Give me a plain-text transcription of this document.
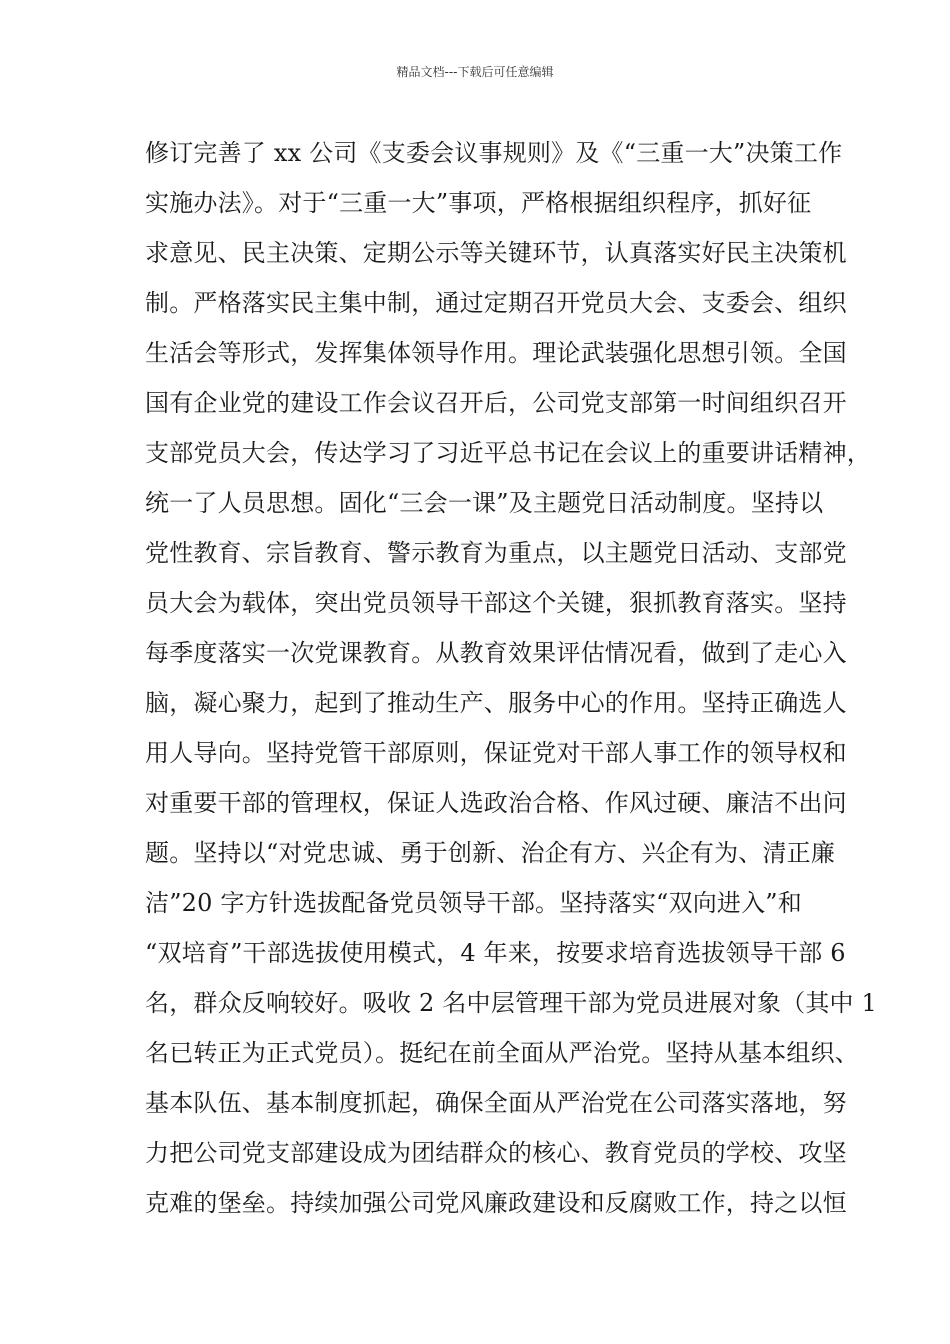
精品文档---下载后可任意编辑
修订完善了 xx 公司《支委会议事规则》及《“三重一大”决策工作
实施办法》。对于“三重一大”事项，严格根据组织程序，抓好征
求意见、民主决策、定期公示等关键环节，认真落实好民主决策机
制。严格落实民主集中制，通过定期召开党员大会、支委会、组织
生活会等形式，发挥集体领导作用。理论武装强化思想引领。全国
国有企业党的建设工作会议召开后，公司党支部第一时间组织召开
支部党员大会，传达学习了习近平总书记在会议上的重要讲话精神，
统一了人员思想。固化“三会一课”及主题党日活动制度。坚持以
党性教育、宗旨教育、警示教育为重点，以主题党日活动、支部党
员大会为载体，突出党员领导干部这个关键，狠抓教育落实。坚持
每季度落实一次党课教育。从教育效果评估情况看，做到了走心入
脑，凝心聚力，起到了推动生产、服务中心的作用。坚持正确选人
用人导向。坚持党管干部原则，保证党对干部人事工作的领导权和
对重要干部的管理权，保证人选政治合格、作风过硬、廉洁不出问
题。坚持以“对党忠诚、勇于创新、治企有方、兴企有为、清正廉
洁”20 字方针选拔配备党员领导干部。坚持落实“双向进入”和
“双培育”干部选拔使用模式，4 年来，按要求培育选拔领导干部 6
名，群众反响较好。吸收 2 名中层管理干部为党员进展对象（其中 1
名已转正为正式党员）。挺纪在前全面从严治党。坚持从基本组织、
基本队伍、基本制度抓起，确保全面从严治党在公司落实落地，努
力把公司党支部建设成为团结群众的核心、教育党员的学校、攻坚
克难的堡垒。持续加强公司党风廉政建设和反腐败工作，持之以恒
